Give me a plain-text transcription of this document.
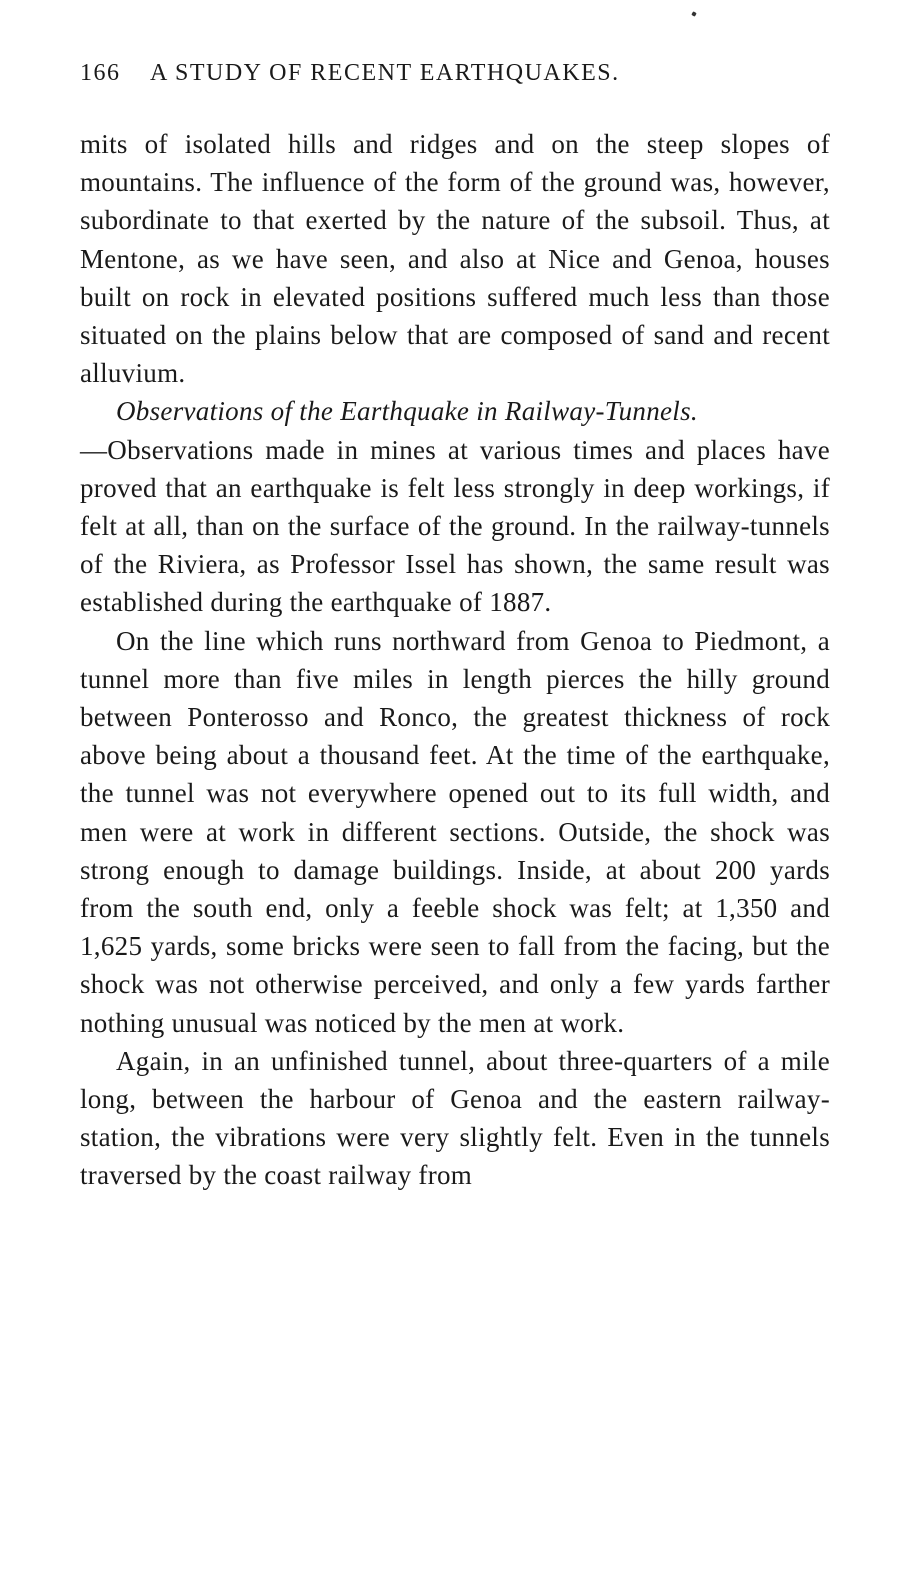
166 A STUDY OF RECENT EARTHQUAKES.

mits of isolated hills and ridges and on the steep slopes of mountains. The influence of the form of the ground was, however, subordinate to that exerted by the nature of the subsoil. Thus, at Mentone, as we have seen, and also at Nice and Genoa, houses built on rock in elevated positions suffered much less than those situated on the plains below that are composed of sand and recent alluvium.

Observations of the Earthquake in Railway-Tunnels.
—Observations made in mines at various times and places have proved that an earthquake is felt less strongly in deep workings, if felt at all, than on the surface of the ground. In the railway-tunnels of the Riviera, as Professor Issel has shown, the same result was established during the earthquake of 1887.

On the line which runs northward from Genoa to Piedmont, a tunnel more than five miles in length pierces the hilly ground between Ponterosso and Ronco, the greatest thickness of rock above being about a thousand feet. At the time of the earthquake, the tunnel was not everywhere opened out to its full width, and men were at work in different sections. Outside, the shock was strong enough to damage buildings. Inside, at about 200 yards from the south end, only a feeble shock was felt; at 1,350 and 1,625 yards, some bricks were seen to fall from the facing, but the shock was not otherwise perceived, and only a few yards farther nothing unusual was noticed by the men at work.

Again, in an unfinished tunnel, about three-quarters of a mile long, between the harbour of Genoa and the eastern railway-station, the vibrations were very slightly felt. Even in the tunnels traversed by the coast railway from
